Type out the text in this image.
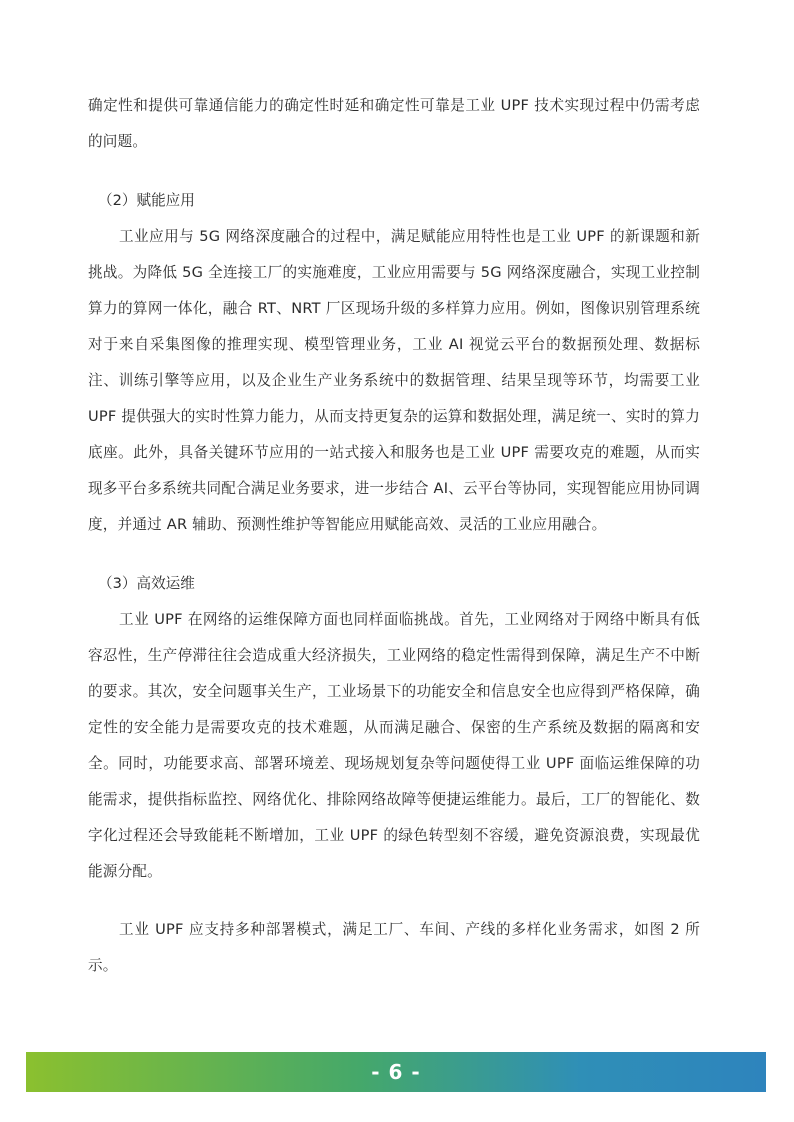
确定性和提供可靠通信能力的确定性时延和确定性可靠是工业 UPF 技术实现过程中仍需考虑的问题。

（2）赋能应用

工业应用与 5G 网络深度融合的过程中，满足赋能应用特性也是工业 UPF 的新课题和新挑战。为降低 5G 全连接工厂的实施难度，工业应用需要与 5G 网络深度融合，实现工业控制算力的算网一体化，融合 RT、NRT 厂区现场升级的多样算力应用。例如，图像识别管理系统对于来自采集图像的推理实现、模型管理业务，工业 AI 视觉云平台的数据预处理、数据标注、训练引擎等应用，以及企业生产业务系统中的数据管理、结果呈现等环节，均需要工业 UPF 提供强大的实时性算力能力，从而支持更复杂的运算和数据处理，满足统一、实时的算力底座。此外，具备关键环节应用的一站式接入和服务也是工业 UPF 需要攻克的难题，从而实现多平台多系统共同配合满足业务要求，进一步结合 AI、云平台等协同，实现智能应用协同调度，并通过 AR 辅助、预测性维护等智能应用赋能高效、灵活的工业应用融合。

（3）高效运维

工业 UPF 在网络的运维保障方面也同样面临挑战。首先，工业网络对于网络中断具有低容忍性，生产停滞往往会造成重大经济损失，工业网络的稳定性需得到保障，满足生产不中断的要求。其次，安全问题事关生产，工业场景下的功能安全和信息安全也应得到严格保障，确定性的安全能力是需要攻克的技术难题，从而满足融合、保密的生产系统及数据的隔离和安全。同时，功能要求高、部署环境差、现场规划复杂等问题使得工业 UPF 面临运维保障的功能需求，提供指标监控、网络优化、排除网络故障等便捷运维能力。最后，工厂的智能化、数字化过程还会导致能耗不断增加，工业 UPF 的绿色转型刻不容缓，避免资源浪费，实现最优能源分配。

工业 UPF 应支持多种部署模式，满足工厂、车间、产线的多样化业务需求，如图 2 所示。

- 6 -
